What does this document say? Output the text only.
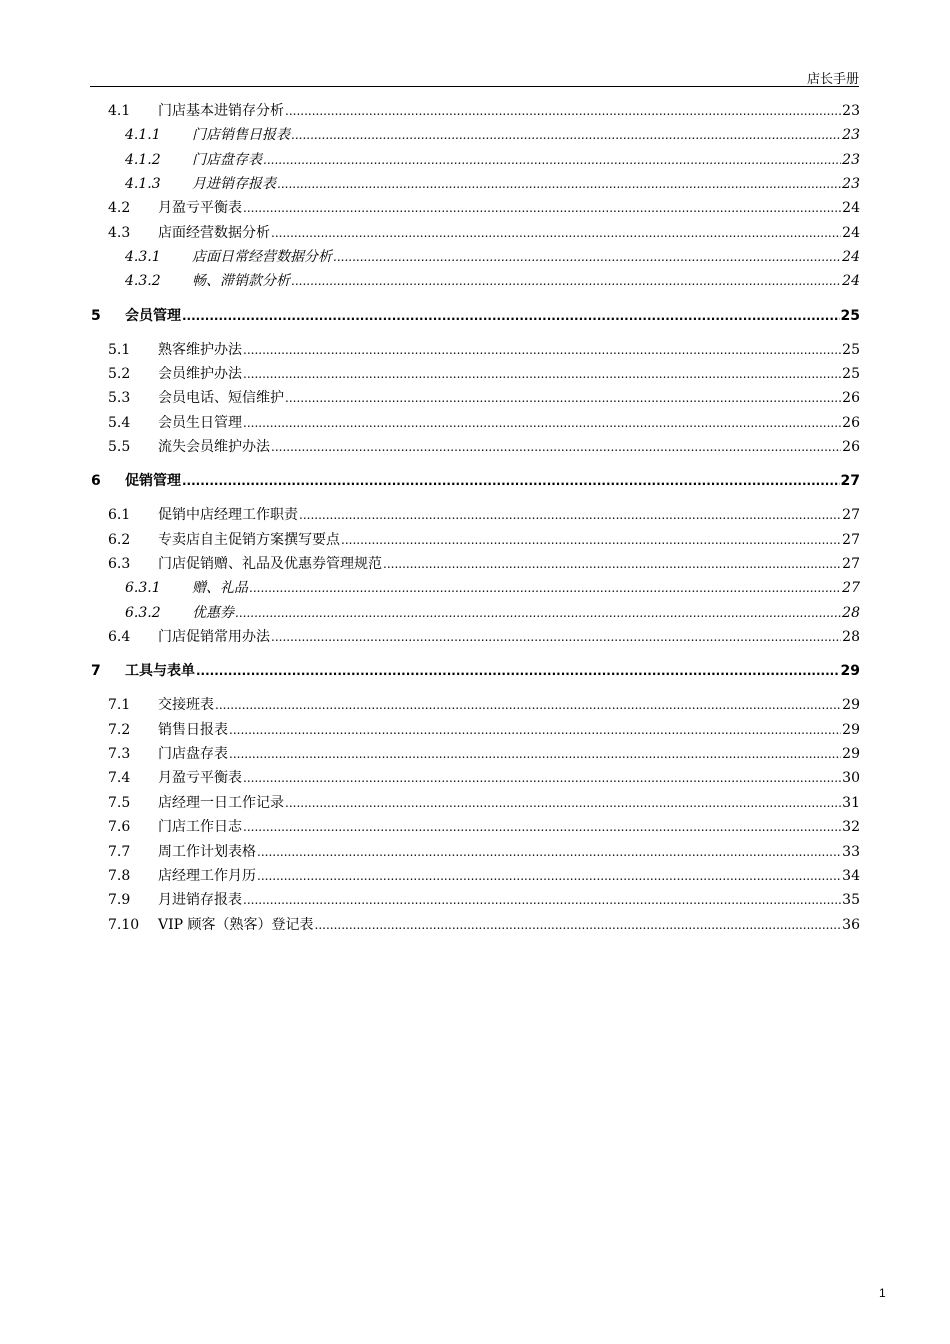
店长手册
4.1 门店基本进销存分析 .....	23
4.1.1 门店销售日报表 .....	23
4.1.2 门店盘存表 .....	23
4.1.3 月进销存报表 .....	23
4.2 月盈亏平衡表 .....	24
4.3 店面经营数据分析 .....	24
4.3.1 店面日常经营数据分析 .....	24
4.3.2 畅、滞销款分析 .....	24
5 会员管理 .....	25
5.1 熟客维护办法 .....	25
5.2 会员维护办法 .....	25
5.3 会员电话、短信维护 .....	26
5.4 会员生日管理 .....	26
5.5 流失会员维护办法 .....	26
6 促销管理 .....	27
6.1 促销中店经理工作职责 .....	27
6.2 专卖店自主促销方案撰写要点 .....	27
6.3 门店促销赠、礼品及优惠券管理规范 .....	27
6.3.1 赠、礼品 .....	27
6.3.2 优惠券 .....	28
6.4 门店促销常用办法 .....	28
7 工具与表单 .....	29
7.1 交接班表 .....	29
7.2 销售日报表 .....	29
7.3 门店盘存表 .....	29
7.4 月盈亏平衡表 .....	30
7.5 店经理一日工作记录 .....	31
7.6 门店工作日志 .....	32
7.7 周工作计划表格 .....	33
7.8 店经理工作月历 .....	34
7.9 月进销存报表 .....	35
7.10 VIP 顾客（熟客）登记表 .....	36
1
